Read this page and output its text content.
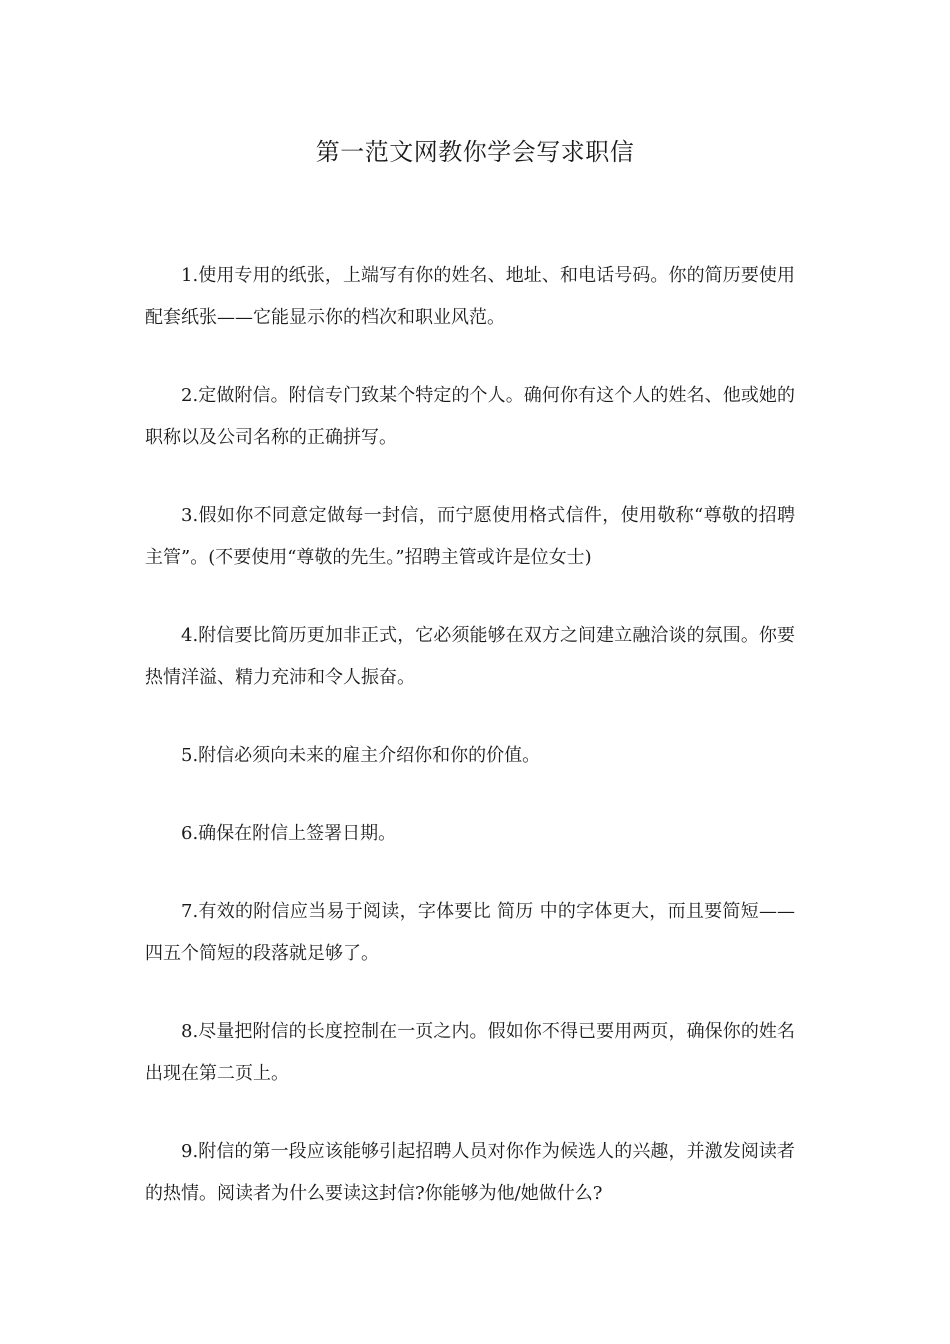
第一范文网教你学会写求职信

1.使用专用的纸张，上端写有你的姓名、地址、和电话号码。你的简历要使用配套纸张——它能显示你的档次和职业风范。

2.定做附信。附信专门致某个特定的个人。确何你有这个人的姓名、他或她的职称以及公司名称的正确拼写。

3.假如你不同意定做每一封信，而宁愿使用格式信件，使用敬称“尊敬的招聘主管”。(不要使用“尊敬的先生。”招聘主管或许是位女士)

4.附信要比简历更加非正式，它必须能够在双方之间建立融洽谈的氛围。你要热情洋溢、精力充沛和令人振奋。

5.附信必须向未来的雇主介绍你和你的价值。

6.确保在附信上签署日期。

7.有效的附信应当易于阅读，字体要比 简历 中的字体更大，而且要简短——四五个简短的段落就足够了。

8.尽量把附信的长度控制在一页之内。假如你不得已要用两页，确保你的姓名出现在第二页上。

9.附信的第一段应该能够引起招聘人员对你作为候选人的兴趣，并激发阅读者的热情。阅读者为什么要读这封信?你能够为他/她做什么?
